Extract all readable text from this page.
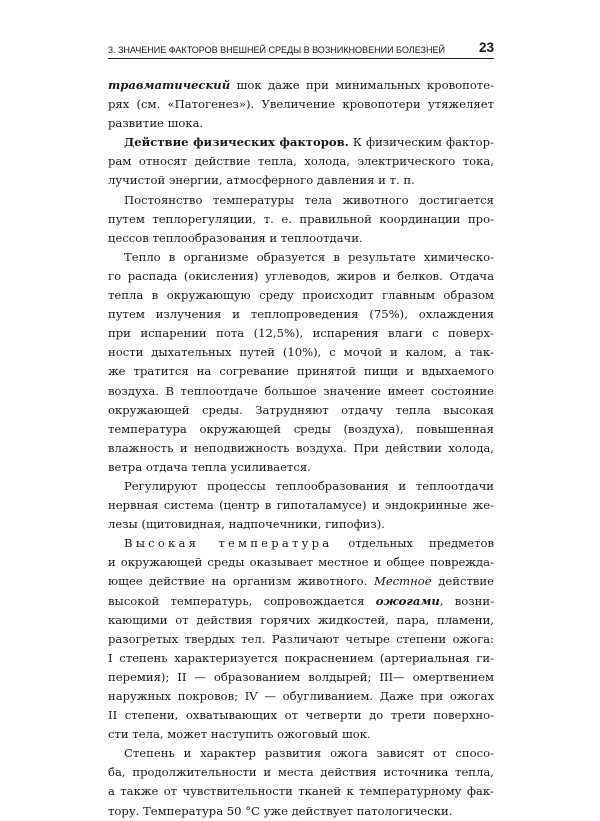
3. ЗНАЧЕНИЕ ФАКТОРОВ ВНЕШНЕЙ СРЕДЫ В ВОЗНИКНОВЕНИИ БОЛЕЗНЕЙ	23

травматический шок даже при минимальных кровопоте-
рях (см. «Патогенез»). Увеличение кровопотери утяжеляет
развитие шока.

Действие физических факторов. К физическим фактор-
рам относят действие тепла, холода, электрического тока,
лучистой энергии, атмосферного давления и т. п.

Постоянство температуры тела животного достигается
путем теплорегуляции, т. е. правильной координации про-
цессов теплообразования и теплоотдачи.

Тепло в организме образуется в результате химическо-
го распада (окисления) углеводов, жиров и белков. Отдача
тепла в окружающую среду происходит главным образом
путем излучения и теплопроведения (75%), охлаждения
при испарении пота (12,5%), испарения влаги с поверх-
ности дыхательных путей (10%), с мочой и калом, а так-
же тратится на согревание принятой пищи и вдыхаемого
воздуха. В теплоотдаче большое значение имеет состояние
окружающей среды. Затрудняют отдачу тепла высокая
температура окружающей среды (воздуха), повышенная
влажность и неподвижность воздуха. При действии холода,
ветра отдача тепла усиливается.

Регулируют процессы теплообразования и теплоотдачи
нервная система (центр в гипоталамусе) и эндокринные же-
лезы (щитовидная, надпочечники, гипофиз).

Высокая температура отдельных предметов
и окружающей среды оказывает местное и общее повреждa-
ющее действие на организм животного. Местное действие
высокой температурь, сопровождается ожогами, возни-
кающими от действия горячих жидкостей, пара, пламени,
разогретых твердых тел. Различают четыре степени ожога:
I степень характеризуется покраснением (артериальная ги-
перемия); II — образованием волдырей; III— омертвением
наружных покровов; IV — обугливанием. Даже при ожогах
II степени, охватывающих от четверти до трети поверхно-
сти тела, может наступить ожоговый шок.

Степень и характер развития ожога зависят от спосо-
ба, продолжительности и места действия источника тепла,
а также от чувствительности тканей к температурному фак-
тору. Температура 50 °С уже действует патологически.
